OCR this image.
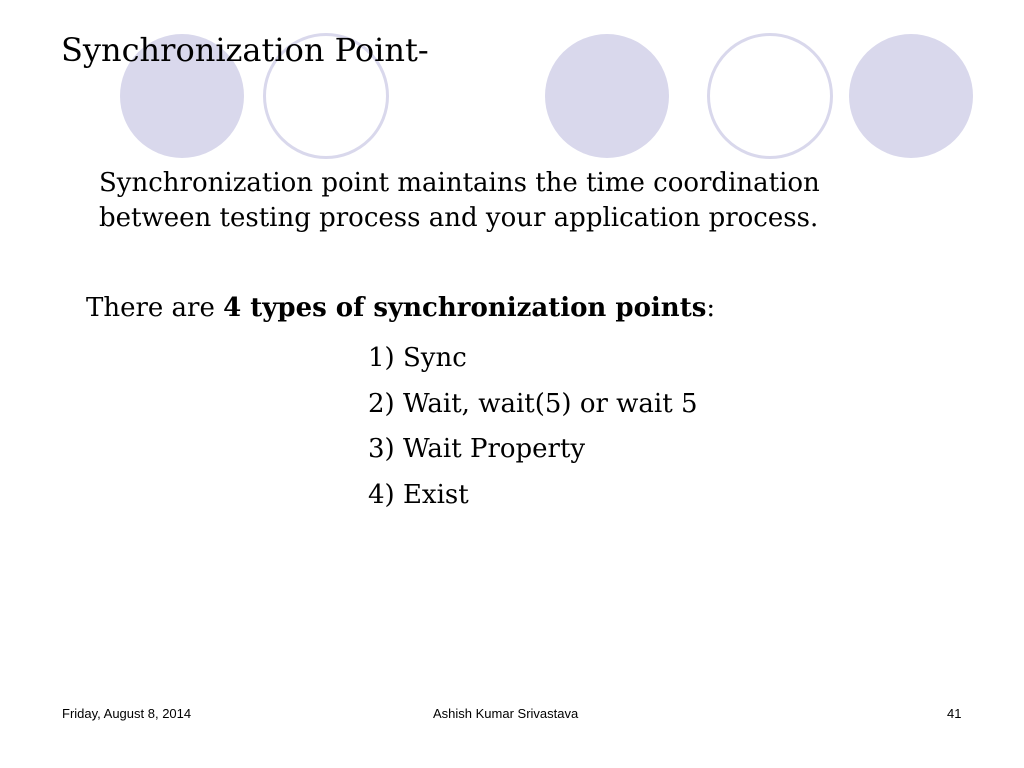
Synchronization Point-
Synchronization point maintains the time coordination between testing process and your application process.
There are 4 types of synchronization points:
1) Sync
2) Wait, wait(5) or wait 5
3) Wait Property
4) Exist
Friday, August 8, 2014	Ashish Kumar Srivastava	41
